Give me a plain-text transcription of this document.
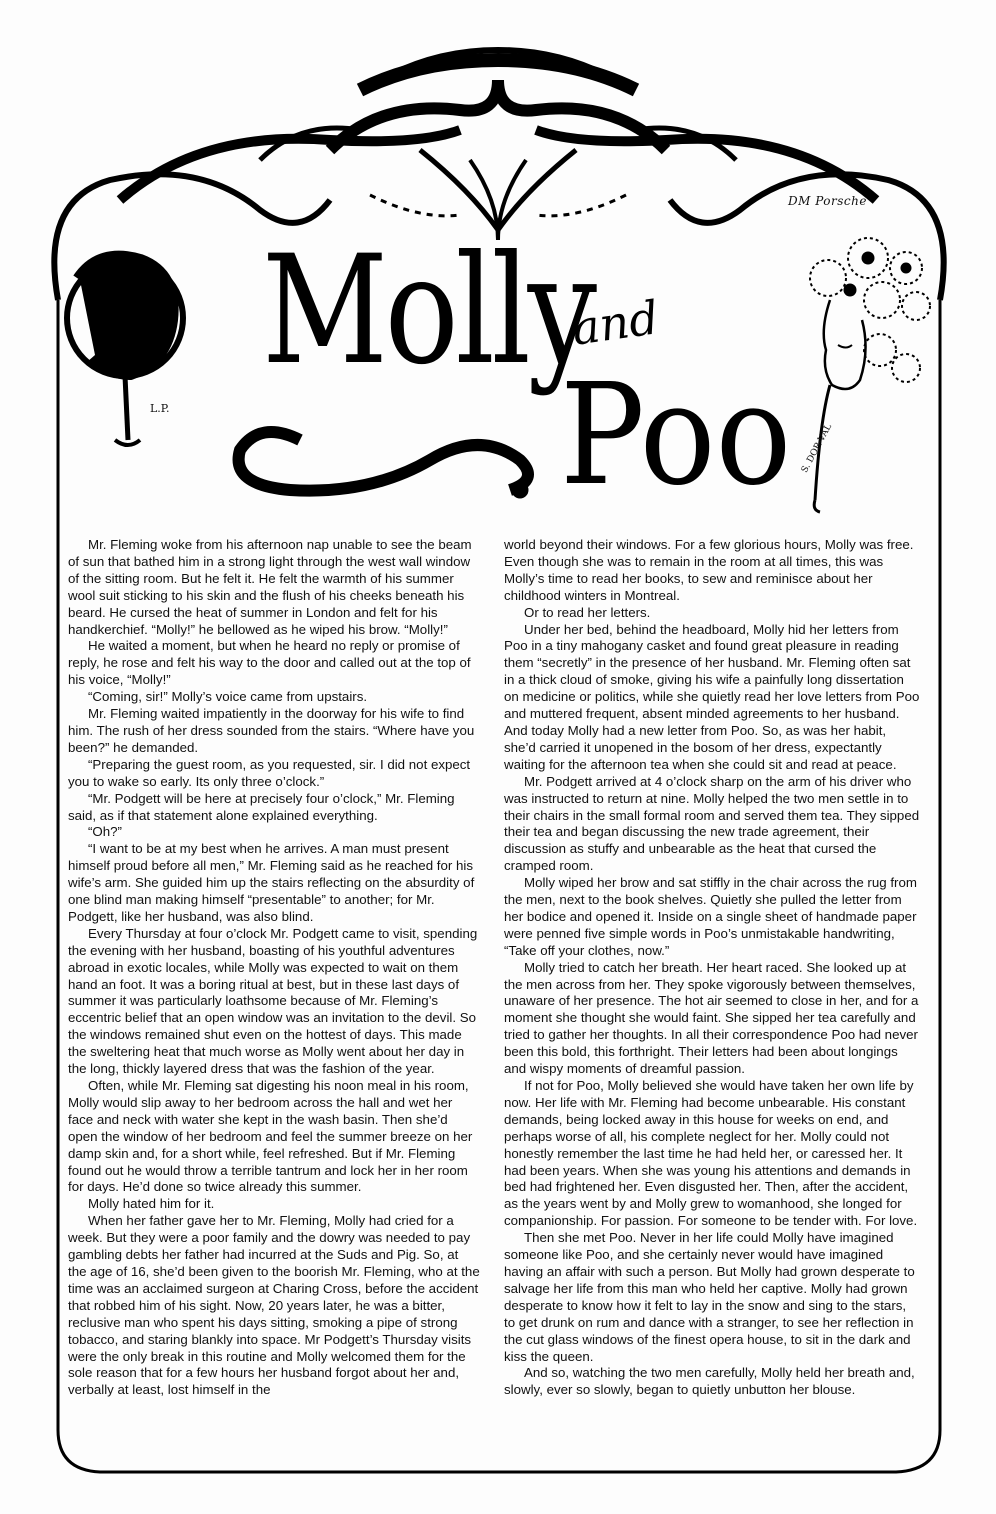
DM Porsche
L.P.
S. DOR-VAL
Molly
and
Poo

Mr. Fleming woke from his afternoon nap unable to see the beam of sun that bathed him in a strong light through the west wall window of the sitting room. But he felt it. He felt the warmth of his summer wool suit sticking to his skin and the flush of his cheeks beneath his beard. He cursed the heat of summer in London and felt for his handkerchief. “Molly!” he bellowed as he wiped his brow. “Molly!”

He waited a moment, but when he heard no reply or promise of reply, he rose and felt his way to the door and called out at the top of his voice, “Molly!”

“Coming, sir!” Molly’s voice came from upstairs.

Mr. Fleming waited impatiently in the doorway for his wife to find him. The rush of her dress sounded from the stairs. “Where have you been?” he demanded.

“Preparing the guest room, as you requested, sir. I did not expect you to wake so early. Its only three o’clock.”

“Mr. Podgett will be here at precisely four o’clock,” Mr. Fleming said, as if that statement alone explained everything.

“Oh?”

“I want to be at my best when he arrives. A man must present himself proud before all men,” Mr. Fleming said as he reached for his wife’s arm. She guided him up the stairs reflecting on the absurdity of one blind man making himself “presentable” to another; for Mr. Podgett, like her husband, was also blind.

Every Thursday at four o’clock Mr. Podgett came to visit, spending the evening with her husband, boasting of his youthful adventures abroad in exotic locales, while Molly was expected to wait on them hand an foot. It was a boring ritual at best, but in these last days of summer it was particularly loathsome because of Mr. Fleming’s eccentric belief that an open window was an invitation to the devil. So the windows remained shut even on the hottest of days. This made the sweltering heat that much worse as Molly went about her day in the long, thickly layered dress that was the fashion of the year.

Often, while Mr. Fleming sat digesting his noon meal in his room, Molly would slip away to her bedroom across the hall and wet her face and neck with water she kept in the wash basin. Then she’d open the window of her bedroom and feel the summer breeze on her damp skin and, for a short while, feel refreshed. But if Mr. Fleming found out he would throw a terrible tantrum and lock her in her room for days. He’d done so twice already this summer.

Molly hated him for it.

When her father gave her to Mr. Fleming, Molly had cried for a week. But they were a poor family and the dowry was needed to pay gambling debts her father had incurred at the Suds and Pig. So, at the age of 16, she’d been given to the boorish Mr. Fleming, who at the time was an acclaimed surgeon at Charing Cross, before the accident that robbed him of his sight. Now, 20 years later, he was a bitter, reclusive man who spent his days sitting, smoking a pipe of strong tobacco, and staring blankly into space. Mr Podgett’s Thursday visits were the only break in this routine and Molly welcomed them for the sole reason that for a few hours her husband forgot about her and, verbally at least, lost himself in the

world beyond their windows. For a few glorious hours, Molly was free. Even though she was to remain in the room at all times, this was Molly’s time to read her books, to sew and reminisce about her childhood winters in Montreal.

Or to read her letters.

Under her bed, behind the headboard, Molly hid her letters from Poo in a tiny mahogany casket and found great pleasure in reading them “secretly” in the presence of her husband. Mr. Fleming often sat in a thick cloud of smoke, giving his wife a painfully long dissertation on medicine or politics, while she quietly read her love letters from Poo and muttered frequent, absent minded agreements to her husband. And today Molly had a new letter from Poo. So, as was her habit, she’d carried it unopened in the bosom of her dress, expectantly waiting for the afternoon tea when she could sit and read at peace.

Mr. Podgett arrived at 4 o’clock sharp on the arm of his driver who was instructed to return at nine. Molly helped the two men settle in to their chairs in the small formal room and served them tea. They sipped their tea and began discussing the new trade agreement, their discussion as stuffy and unbearable as the heat that cursed the cramped room.

Molly wiped her brow and sat stiffly in the chair across the rug from the men, next to the book shelves. Quietly she pulled the letter from her bodice and opened it. Inside on a single sheet of handmade paper were penned five simple words in Poo’s unmistakable handwriting, “Take off your clothes, now.”

Molly tried to catch her breath. Her heart raced. She looked up at the men across from her. They spoke vigorously between themselves, unaware of her presence. The hot air seemed to close in her, and for a moment she thought she would faint. She sipped her tea carefully and tried to gather her thoughts. In all their correspondence Poo had never been this bold, this forthright. Their letters had been about longings and wispy moments of dreamful passion.

If not for Poo, Molly believed she would have taken her own life by now. Her life with Mr. Fleming had become unbearable. His constant demands, being locked away in this house for weeks on end, and perhaps worse of all, his complete neglect for her. Molly could not honestly remember the last time he had held her, or caressed her. It had been years. When she was young his attentions and demands in bed had frightened her. Even disgusted her. Then, after the accident, as the years went by and Molly grew to womanhood, she longed for companionship. For passion. For someone to be tender with. For love.

Then she met Poo. Never in her life could Molly have imagined someone like Poo, and she certainly never would have imagined having an affair with such a person. But Molly had grown desperate to salvage her life from this man who held her captive. Molly had grown desperate to know how it felt to lay in the snow and sing to the stars, to get drunk on rum and dance with a stranger, to see her reflection in the cut glass windows of the finest opera house, to sit in the dark and kiss the queen.

And so, watching the two men carefully, Molly held her breath and, slowly, ever so slowly, began to quietly unbutton her blouse.
